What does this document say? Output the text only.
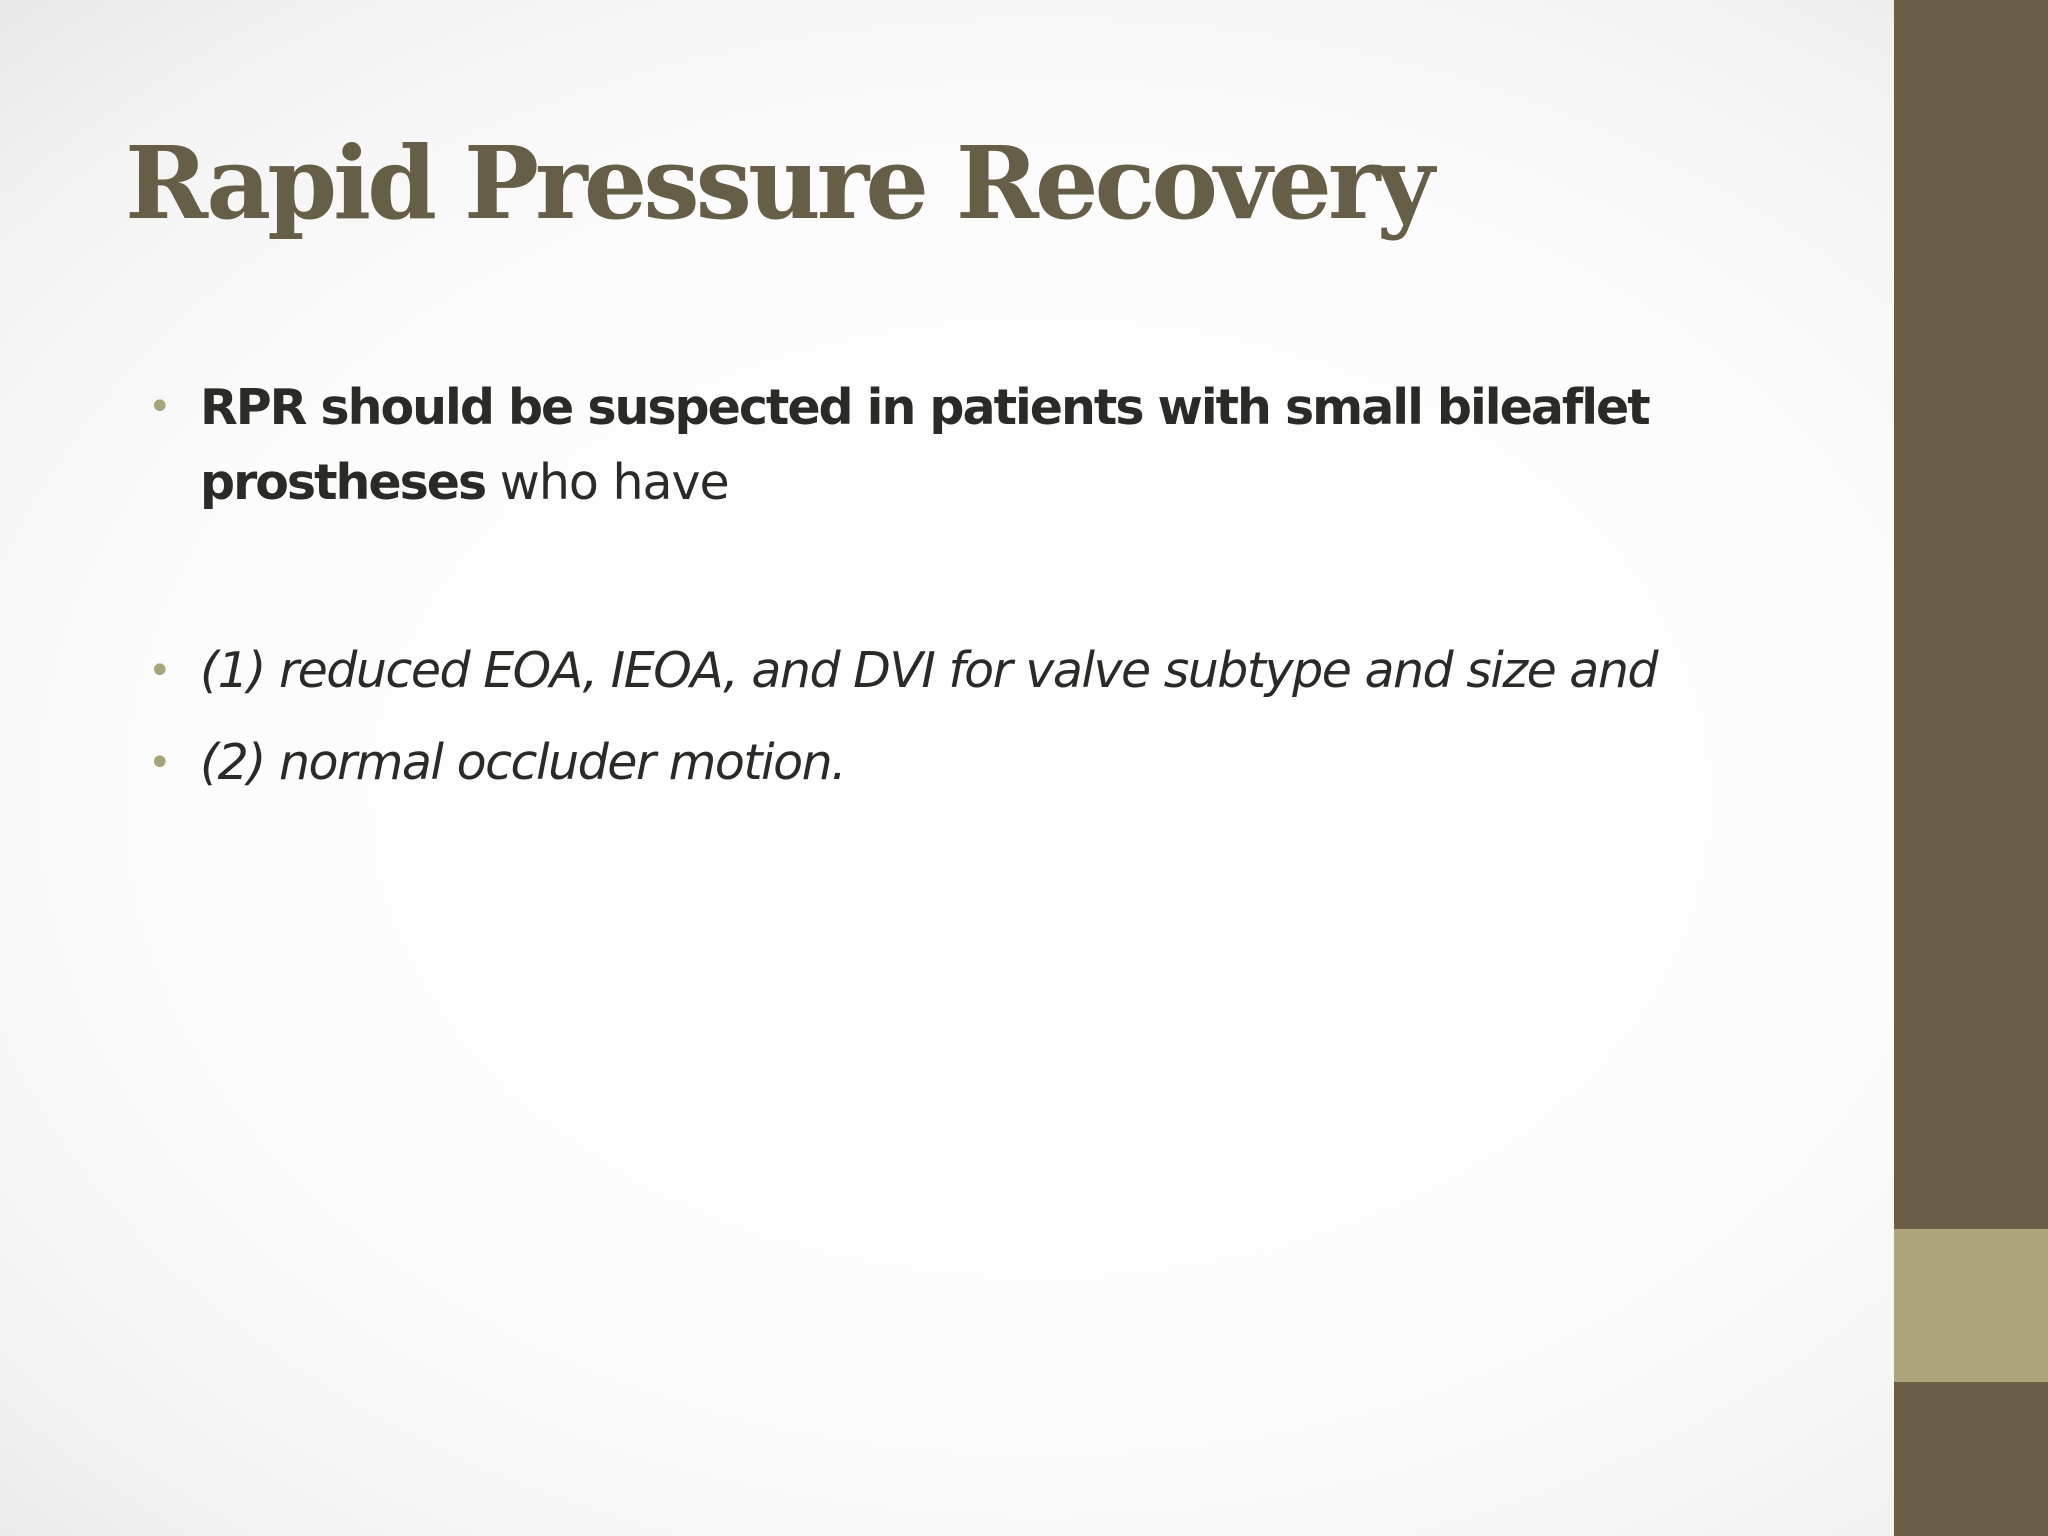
Rapid Pressure Recovery
• RPR should be suspected in patients with small bileaflet prostheses who have
• (1) reduced EOA, IEOA, and DVI for valve subtype and size and
• (2) normal occluder motion.
